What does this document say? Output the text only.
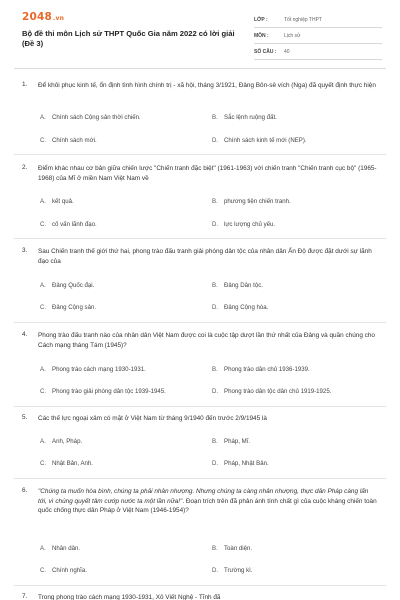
2048.vn
Bộ đề thi môn Lịch sử THPT Quốc Gia năm 2022 có lời giải (Đề 3)
LỚP :	Tốt nghiệp THPT
MÔN :	Lịch sử
SỐ CÂU : 40
1. Để khôi phục kinh tế, ổn định tình hình chính trị - xã hội, tháng 3/1921, Đảng Bôn-sê vích (Nga) đã quyết định thực hiện
A. Chính sách Cộng sản thời chiến.	B. Sắc lệnh ruộng đất.
C. Chính sách mới.	D. Chính sách kinh tế mới (NEP).
2. Điểm khác nhau cơ bản giữa chiến lược "Chiến tranh đặc biệt" (1961-1963) với chiến tranh "Chiến tranh cục bộ" (1965-1968) của Mĩ ở miền Nam Việt Nam về
A. kết quả.	B. phương tiện chiến tranh.
C. cố vấn lãnh đạo.	D. lực lượng chủ yếu.
3. Sau Chiến tranh thế giới thứ hai, phong trào đấu tranh giải phóng dân tộc của nhân dân Ấn Độ được đặt dưới sự lãnh đạo của
A. Đảng Quốc đại.	B. Đảng Dân tộc.
C. Đảng Cộng sản.	D. Đảng Cộng hòa.
4. Phong trào đấu tranh nào của nhân dân Việt Nam được coi là cuộc tập dượt lần thứ nhất của Đảng và quần chúng cho Cách mạng tháng Tám (1945)?
A. Phong trào cách mạng 1930-1931.	B. Phong trào dân chủ 1936-1939.
C. Phong trào giải phóng dân tộc 1939-1945.	D. Phong trào dân tộc dân chủ 1919-1925.
5. Các thế lực ngoại xâm có mặt ở Việt Nam từ tháng 9/1940 đến trước 2/9/1945 là
A. Anh, Pháp.	B. Pháp, Mĩ.
C. Nhật Bản, Anh.	D. Pháp, Nhật Bản.
6. "Chúng ta muốn hòa bình, chúng ta phải nhân nhượng. Nhưng chúng ta càng nhân nhượng, thực dân Pháp càng lấn tới, vì chúng quyết tâm cướp nước ta một lần nữa!". Đoạn trích trên đã phản ánh tính chất gì của cuộc kháng chiến toàn quốc chống thực dân Pháp ở Việt Nam (1946-1954)?
A. Nhân dân.	B. Toàn diện.
C. Chính nghĩa.	D. Trường kì.
7. Trong phong trào cách mạng 1930-1931, Xô Viết Nghệ - Tĩnh đã
